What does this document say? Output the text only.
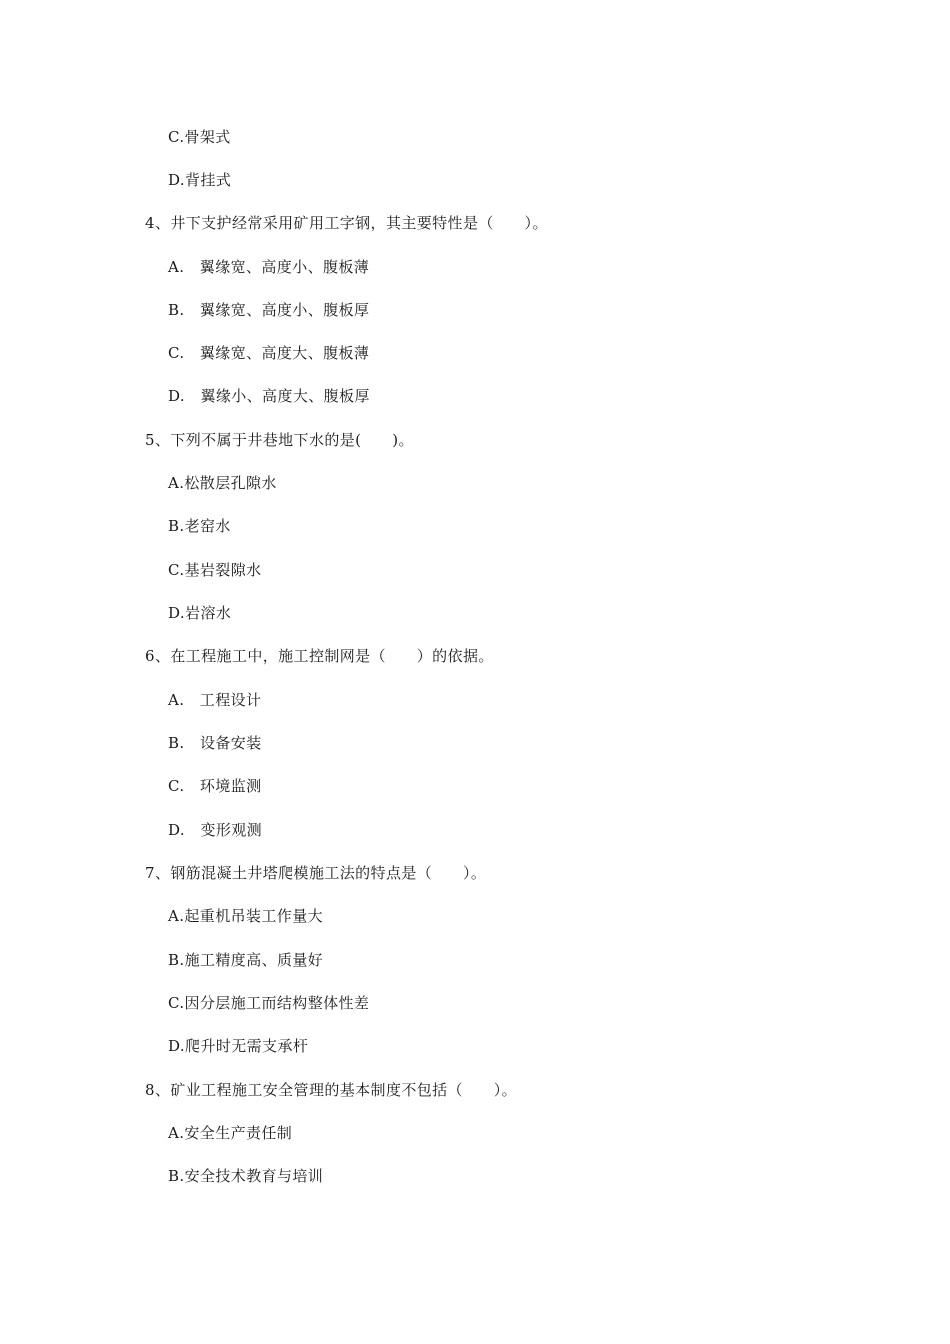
C.骨架式
D.背挂式
4、井下支护经常采用矿用工字钢，其主要特性是（　　）。
A.　翼缘宽、高度小、腹板薄
B.　翼缘宽、高度小、腹板厚
C.　翼缘宽、高度大、腹板薄
D.　翼缘小、高度大、腹板厚
5、下列不属于井巷地下水的是(　　)。
A.松散层孔隙水
B.老窑水
C.基岩裂隙水
D.岩溶水
6、在工程施工中，施工控制网是（　　）的依据。
A.　工程设计
B.　设备安装
C.　环境监测
D.　变形观测
7、钢筋混凝土井塔爬模施工法的特点是（　　）。
A.起重机吊装工作量大
B.施工精度高、质量好
C.因分层施工而结构整体性差
D.爬升时无需支承杆
8、矿业工程施工安全管理的基本制度不包括（　　）。
A.安全生产责任制
B.安全技术教育与培训
